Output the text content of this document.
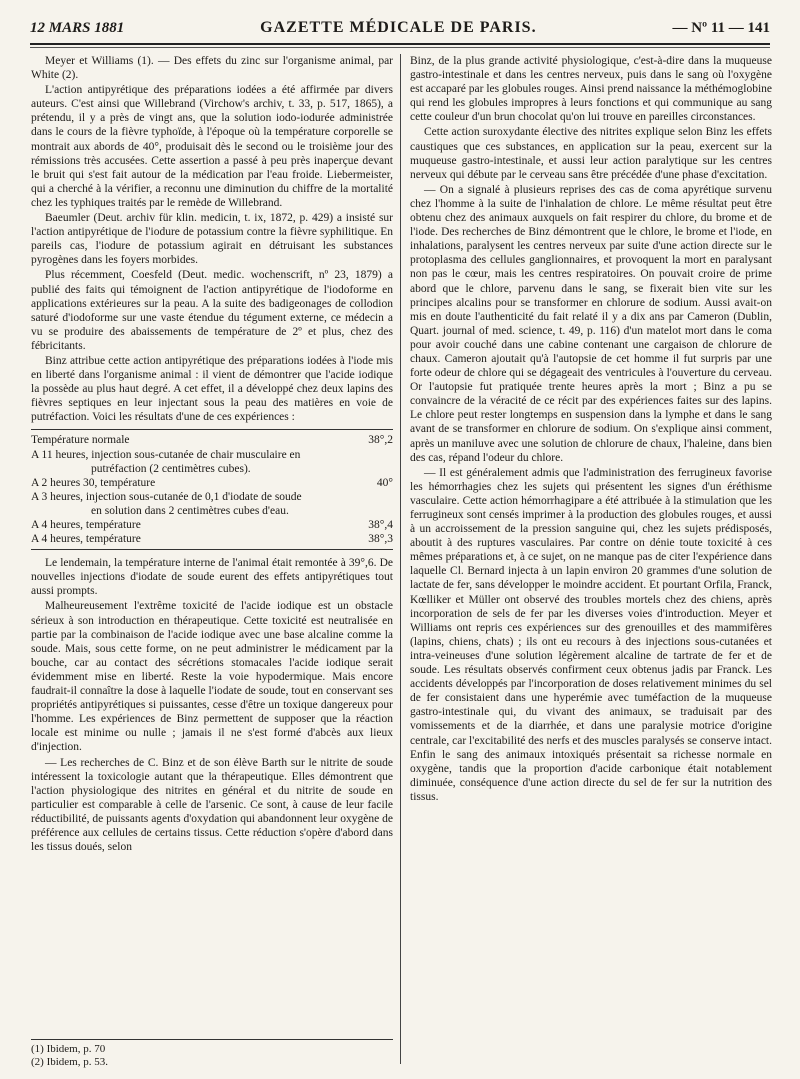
12 MARS 1881	GAZETTE MÉDICALE DE PARIS.	— Nº 11 — 141

Meyer et Williams (1). — Des effets du zinc sur l'organisme animal, par White (2).

L'action antipyrétique des préparations iodées a été affirmée par divers auteurs. C'est ainsi que Willebrand (Virchow's archiv, t. 33, p. 517, 1865), a prétendu, il y a près de vingt ans, que la solution iodo-iodurée administrée dans le cours de la fièvre typhoïde, à l'époque où la température corporelle se montrait aux abords de 40°, produisait dès le second ou le troisième jour des rémissions très accusées. Cette assertion a passé à peu près inaperçue devant le bruit qui s'est fait autour de la médication par l'eau froide. Liebermeister, qui a cherché à la vérifier, a reconnu une diminution du chiffre de la mortalité chez les typhiques traités par le remède de Willebrand.

Baeumler (Deut. archiv für klin. medicin, t. ix, 1872, p. 429) a insisté sur l'action antipyrétique de l'iodure de potassium contre la fièvre syphilitique. En pareils cas, l'iodure de potassium agirait en détruisant les substances pyrogènes dans les foyers morbides.

Plus récemment, Coesfeld (Deut. medic. wochenscrift, nº 23, 1879) a publié des faits qui témoignent de l'action antipyrétique de l'iodoforme en applications extérieures sur la peau. A la suite des badigeonages de collodion saturé d'iodoforme sur une vaste étendue du tégument externe, ce médecin a vu se produire des abaissements de température de 2º et plus, chez des fébricitants.

Binz attribue cette action antipyrétique des préparations iodées à l'iode mis en liberté dans l'organisme animal : il vient de démontrer que l'acide iodique la possède au plus haut degré. A cet effet, il a développé chez deux lapins des fièvres septiques en leur injectant sous la peau des matières en voie de putréfaction. Voici les résultats d'une de ces expériences :

Température normale	38°,2
A 11 heures, injection sous-cutanée de chair musculaire en
putréfaction (2 centimètres cubes).
A 2 heures 30, température	40°
A 3 heures, injection sous-cutanée de 0,1 d'iodate de soude
en solution dans 2 centimètres cubes d'eau.
A 4 heures, température	38°,4
A 4 heures, température	38°,3

Le lendemain, la température interne de l'animal était remontée à 39°,6. De nouvelles injections d'iodate de soude eurent des effets antipyrétiques tout aussi prompts.

Malheureusement l'extrême toxicité de l'acide iodique est un obstacle sérieux à son introduction en thérapeutique. Cette toxicité est neutralisée en partie par la combinaison de l'acide iodique avec une base alcaline comme la soude. Mais, sous cette forme, on ne peut administrer le médicament par la bouche, car au contact des sécrétions stomacales l'acide iodique serait évidemment mise en liberté. Reste la voie hypodermique. Mais encore faudrait-il connaître la dose à laquelle l'iodate de soude, tout en conservant ses propriétés antipyrétiques si puissantes, cesse d'être un toxique dangereux pour l'homme. Les expériences de Binz permettent de supposer que la réaction locale est minime ou nulle ; jamais il ne s'est formé d'abcès aux lieux d'injection.

— Les recherches de C. Binz et de son élève Barth sur le nitrite de soude intéressent la toxicologie autant que la thérapeutique. Elles démontrent que l'action physiologique des nitrites en général et du nitrite de soude en particulier est comparable à celle de l'arsenic. Ce sont, à cause de leur facile réductibilité, de puissants agents d'oxydation qui abandonnent leur oxygène de préférence aux cellules de certains tissus. Cette réduction s'opère d'abord dans les tissus doués, selon

(1) Ibidem, p. 70
(2) Ibidem, p. 53.

Binz, de la plus grande activité physiologique, c'est-à-dire dans la muqueuse gastro-intestinale et dans les centres nerveux, puis dans le sang où l'oxygène est accaparé par les globules rouges. Ainsi prend naissance la méthémoglobine qui rend les globules impropres à leurs fonctions et qui communique au sang cette couleur d'un brun chocolat qu'on lui trouve en pareilles circonstances.

Cette action suroxydante élective des nitrites explique selon Binz les effets caustiques que ces substances, en application sur la peau, exercent sur la muqueuse gastro-intestinale, et aussi leur action paralytique sur les centres nerveux qui débute par le cerveau sans être précédée d'une phase d'excitation.

— On a signalé à plusieurs reprises des cas de coma apyrétique survenu chez l'homme à la suite de l'inhalation de chlore. Le même résultat peut être obtenu chez des animaux auxquels on fait respirer du chlore, du brome et de l'iode. Des recherches de Binz démontrent que le chlore, le brome et l'iode, en inhalations, paralysent les centres nerveux par suite d'une action directe sur le protoplasma des cellules ganglionnaires, et provoquent la mort en paralysant non pas le cœur, mais les centres respiratoires. On pouvait croire de prime abord que le chlore, parvenu dans le sang, se fixerait bien vite sur les principes alcalins pour se transformer en chlorure de sodium. Aussi avait-on mis en doute l'authenticité du fait relaté il y a dix ans par Cameron (Dublin, Quart. journal of med. science, t. 49, p. 116) d'un matelot mort dans le coma pour avoir couché dans une cabine contenant une cargaison de chlorure de chaux. Cameron ajoutait qu'à l'autopsie de cet homme il fut surpris par une forte odeur de chlore qui se dégageait des ventricules à l'ouverture du cerveau. Or l'autopsie fut pratiquée trente heures après la mort ; Binz a pu se convaincre de la véracité de ce récit par des expériences faites sur des lapins. Le chlore peut rester longtemps en suspension dans la lymphe et dans le sang avant de se transformer en chlorure de sodium. On s'explique ainsi comment, après un maniluve avec une solution de chlorure de chaux, l'haleine, dans bien des cas, répand l'odeur du chlore.

— Il est généralement admis que l'administration des ferrugineux favorise les hémorrhagies chez les sujets qui présentent les signes d'un éréthisme vasculaire. Cette action hémorrhagipare a été attribuée à la stimulation que les ferrugineux sont censés imprimer à la production des globules rouges, et aussi à un accroissement de la pression sanguine qui, chez les sujets prédisposés, aboutit à des ruptures vasculaires. Par contre on dénie toute toxicité à ces mêmes préparations et, à ce sujet, on ne manque pas de citer l'expérience dans laquelle Cl. Bernard injecta à un lapin environ 20 grammes d'une solution de lactate de fer, sans développer le moindre accident. Et pourtant Orfila, Franck, Kœlliker et Müller ont observé des troubles mortels chez des chiens, après incorporation de sels de fer par les diverses voies d'introduction. Meyer et Williams ont repris ces expériences sur des grenouilles et des mammifères (lapins, chiens, chats) ; ils ont eu recours à des injections sous-cutanées et intra-veineuses d'une solution légèrement alcaline de tartrate de fer et de soude. Les résultats observés confirment ceux obtenus jadis par Franck. Les accidents développés par l'incorporation de doses relativement minimes du sel de fer consistaient dans une hyperémie avec tuméfaction de la muqueuse gastro-intestinale qui, du vivant des animaux, se traduisait par des vomissements et de la diarrhée, et dans une paralysie motrice d'origine centrale, car l'excitabilité des nerfs et des muscles paralysés se conserve intact. Enfin le sang des animaux intoxiqués présentait sa richesse normale en oxygène, tandis que la proportion d'acide carbonique était notablement diminuée, conséquence d'une action directe du sel de fer sur la nutrition des tissus.
